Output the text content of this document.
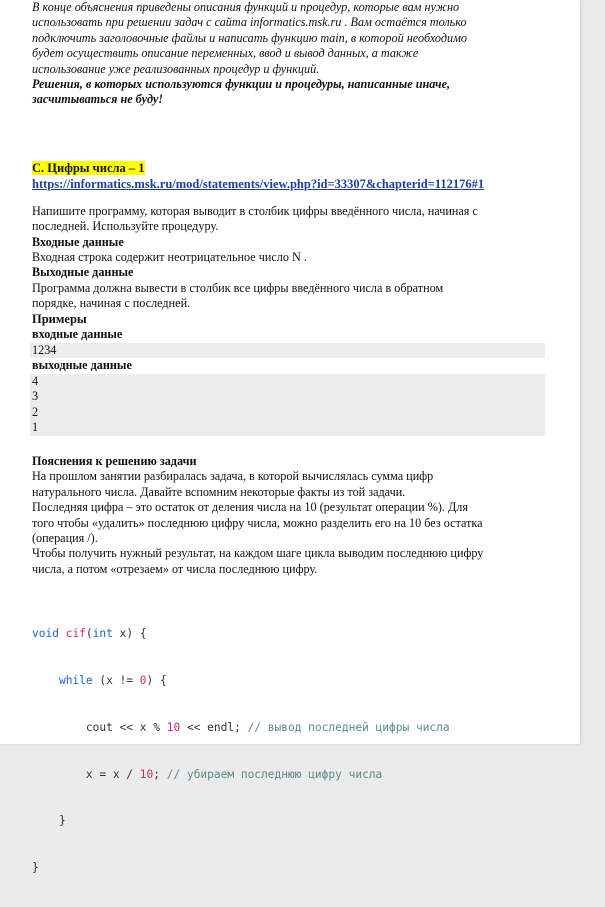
В конце объяснения приведены описания функций и процедур, которые вам нужно
использовать при решении задач с сайта informatics.msk.ru . Вам остаётся только
подключить заголовочные файлы и написать функцию main, в которой необходимо
будет осуществить описание переменных, ввод и вывод данных, а также
использование уже реализованных процедур и функций.
Решения, в которых используются функции и процедуры, написанные иначе,
засчитываться не буду!
C. Цифры числа – 1
https://informatics.msk.ru/mod/statements/view.php?id=33307&chapterid=112176#1
Напишите программу, которая выводит в столбик цифры введённого числа, начиная с
последней. Используйте процедуру.
Входные данные
Входная строка содержит неотрицательное число N .
Выходные данные
Программа должна вывести в столбик все цифры введённого числа в обратном
порядке, начиная с последней.
Примеры
входные данные
1234
выходные данные
4
3
2
1
Пояснения к решению задачи
На прошлом занятии разбиралась задача, в которой вычислялась сумма цифр
натурального числа. Давайте вспомним некоторые факты из той задачи.
Последняя цифра – это остаток от деления числа на 10 (результат операции %). Для
того чтобы «удалить» последнюю цифру числа, можно разделить его на 10 без остатка
(операция /).
Чтобы получить нужный результат, на каждом шаге цикла выводим последнюю цифру
числа, а потом «отрезаем» от числа последнюю цифру.

void cif(int x) {

while (x != 0) {

cout << x % 10 << endl; // вывод последней цифры числа

x = x / 10; // убираем последнюю цифру числа

}

}
